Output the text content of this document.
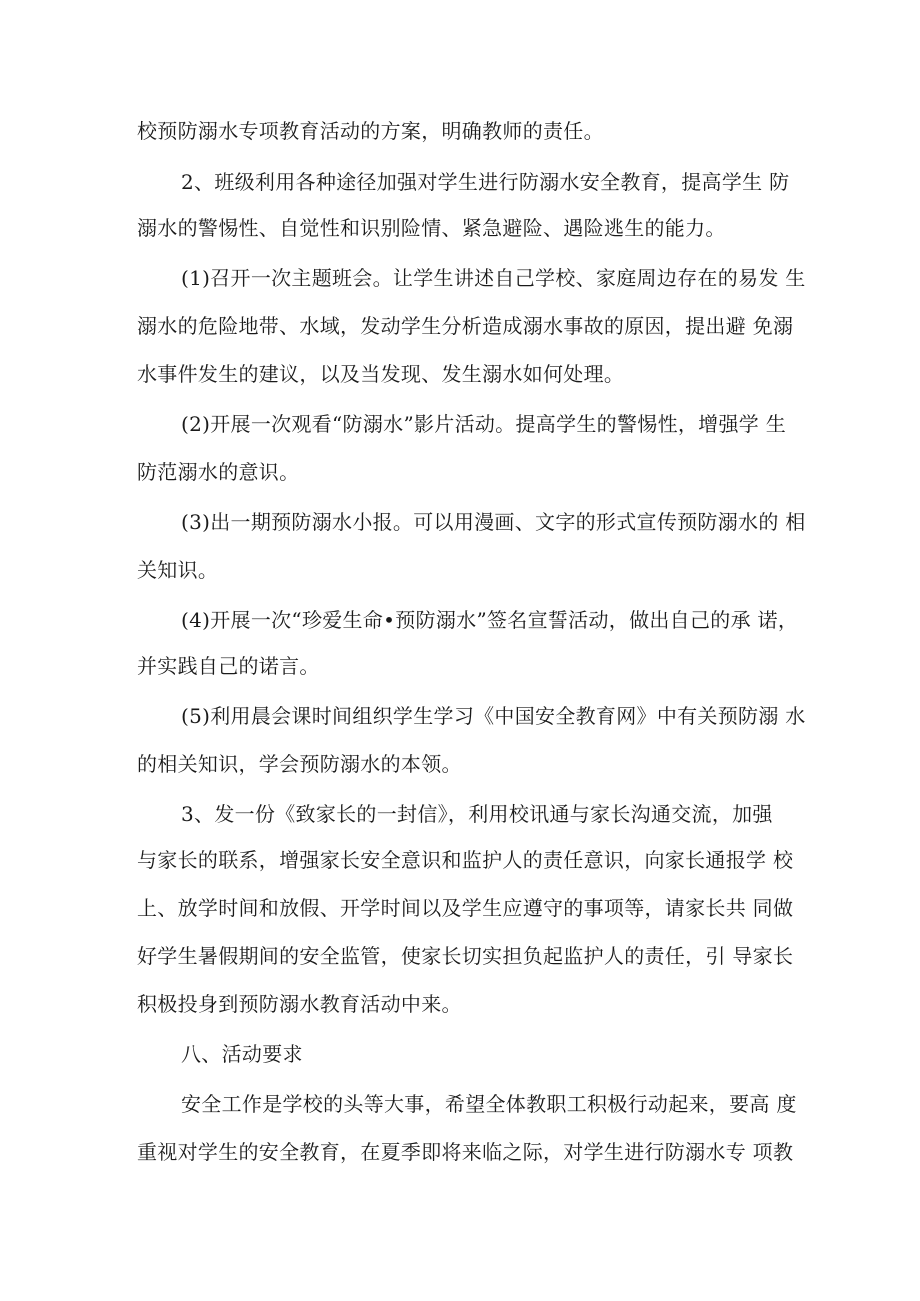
校预防溺水专项教育活动的方案，明确教师的责任。
2、班级利用各种途径加强对学生进行防溺水安全教育，提高学生 防
溺水的警惕性、自觉性和识别险情、紧急避险、遇险逃生的能力。
(1)召开一次主题班会。让学生讲述自己学校、家庭周边存在的易发 生
溺水的危险地带、水域，发动学生分析造成溺水事故的原因，提出避 免溺
水事件发生的建议，以及当发现、发生溺水如何处理。
(2)开展一次观看“防溺水”影片活动。提高学生的警惕性，增强学 生
防范溺水的意识。
(3)出一期预防溺水小报。可以用漫画、文字的形式宣传预防溺水的 相
关知识。
(4)开展一次“珍爱生命•预防溺水”签名宣誓活动，做出自己的承 诺，
并实践自己的诺言。
(5)利用晨会课时间组织学生学习《中国安全教育网》中有关预防溺 水
的相关知识，学会预防溺水的本领。
3、发一份《致家长的一封信》，利用校讯通与家长沟通交流，加强
与家长的联系，增强家长安全意识和监护人的责任意识，向家长通报学 校
上、放学时间和放假、开学时间以及学生应遵守的事项等，请家长共 同做
好学生暑假期间的安全监管，使家长切实担负起监护人的责任，引 导家长
积极投身到预防溺水教育活动中来。
八、活动要求
安全工作是学校的头等大事，希望全体教职工积极行动起来，要高 度
重视对学生的安全教育，在夏季即将来临之际，对学生进行防溺水专 项教
